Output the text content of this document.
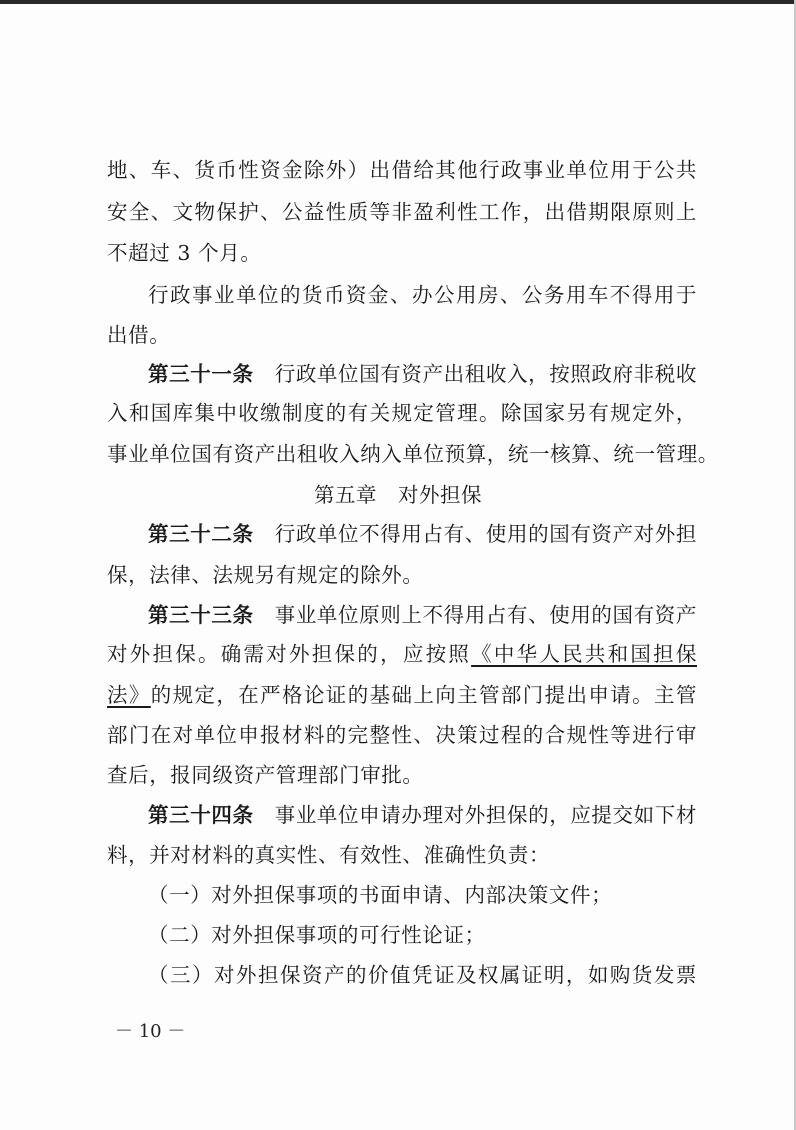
地、车、货币性资金除外）出借给其他行政事业单位用于公共
安全、文物保护、公益性质等非盈利性工作，出借期限原则上
不超过 3 个月。
行政事业单位的货币资金、办公用房、公务用车不得用于
出借。
第三十一条　 行政单位国有资产出租收入，按照政府非税收
入和国库集中收缴制度的有关规定管理。除国家另有规定外，
事业单位国有资产出租收入纳入单位预算，统一核算、统一管理。
第五章　对外担保
第三十二条　 行政单位不得用占有、使用的国有资产对外担
保，法律、法规另有规定的除外。
第三十三条　 事业单位原则上不得用占有、使用的国有资产
对外担保。确需对外担保的，应按照《中华人民共和国担保
法》的规定，在严格论证的基础上向主管部门提出申请。主管
部门在对单位申报材料的完整性、决策过程的合规性等进行审
查后，报同级资产管理部门审批。
第三十四条　 事业单位申请办理对外担保的，应提交如下材
料，并对材料的真实性、有效性、准确性负责：
（一）对外担保事项的书面申请、内部决策文件；
（二）对外担保事项的可行性论证；
（三）对外担保资产的价值凭证及权属证明，如购货发票
－ 10 －
